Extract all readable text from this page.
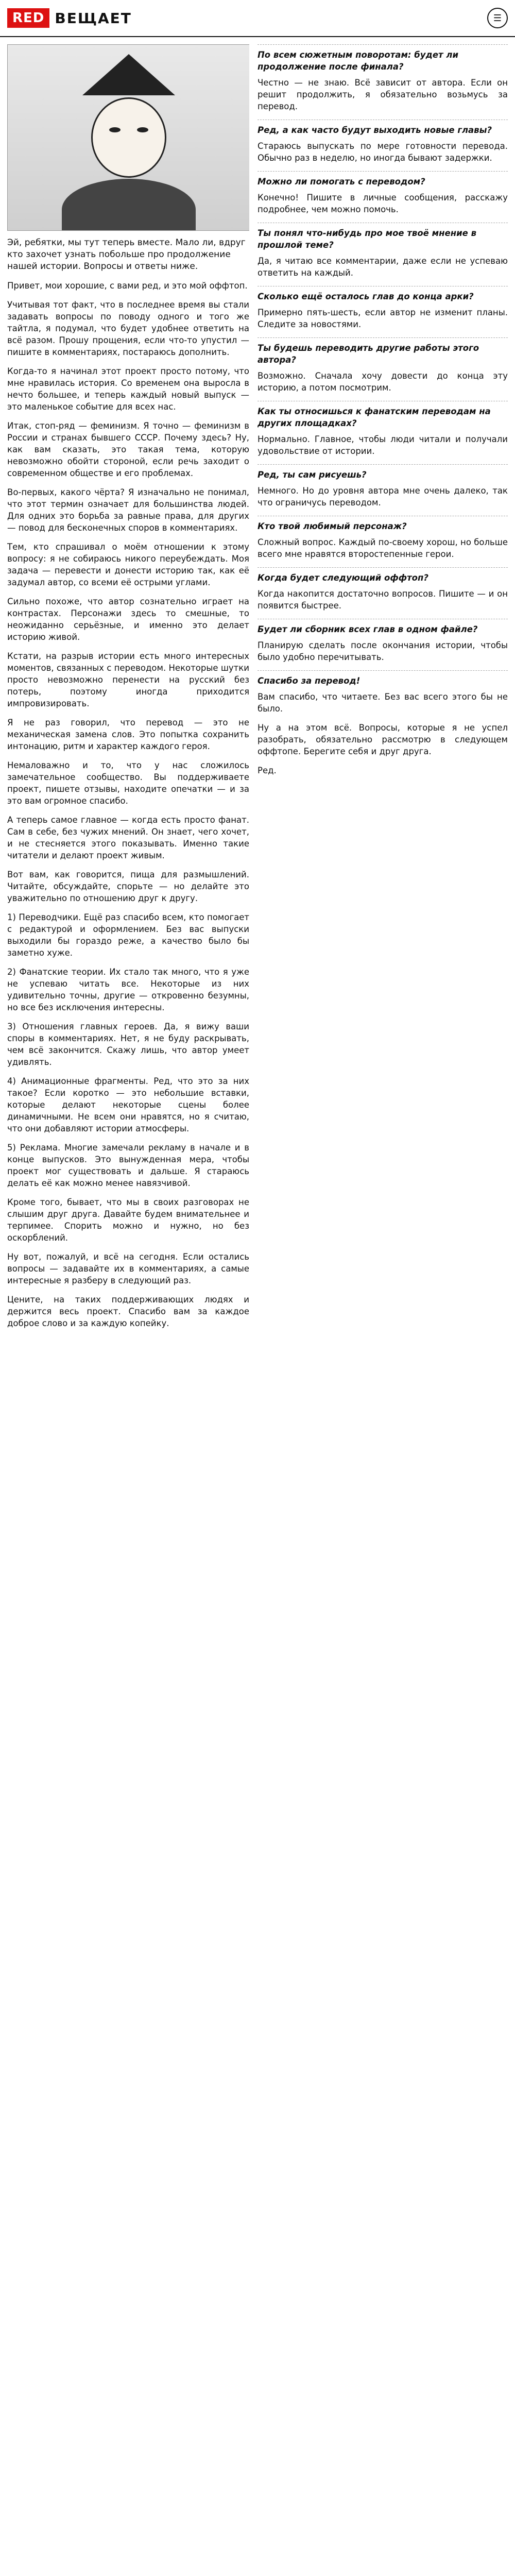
RED ВЕЩАЕТ	☰

Эй, ребятки, мы тут теперь вместе. Мало ли, вдруг кто захочет узнать побольше про продолжение нашей истории. Вопросы и ответы ниже.

Привет, мои хорошие, с вами ред, и это мой оффтоп.

Учитывая тот факт, что в последнее время вы стали задавать вопросы по поводу одного и того же тайтла, я подумал, что будет удобнее ответить на всё разом. Прошу прощения, если что-то упустил — пишите в комментариях, постараюсь дополнить.

Когда-то я начинал этот проект просто потому, что мне нравилась история. Со временем она выросла в нечто большее, и теперь каждый новый выпуск — это маленькое событие для всех нас.

Итак, стоп-ряд — феминизм. Я точно — феминизм в России и странах бывшего СССР. Почему здесь? Ну, как вам сказать, это такая тема, которую невозможно обойти стороной, если речь заходит о современном обществе и его проблемах.

Во-первых, какого чёрта? Я изначально не понимал, что этот термин означает для большинства людей. Для одних это борьба за равные права, для других — повод для бесконечных споров в комментариях.

Тем, кто спрашивал о моём отношении к этому вопросу: я не собираюсь никого переубеждать. Моя задача — перевести и донести историю так, как её задумал автор, со всеми её острыми углами.

Сильно похоже, что автор сознательно играет на контрастах. Персонажи здесь то смешные, то неожиданно серьёзные, и именно это делает историю живой.

Кстати, на разрыв истории есть много интересных моментов, связанных с переводом. Некоторые шутки просто невозможно перенести на русский без потерь, поэтому иногда приходится импровизировать.

Я не раз говорил, что перевод — это не механическая замена слов. Это попытка сохранить интонацию, ритм и характер каждого героя.

Немаловажно и то, что у нас сложилось замечательное сообщество. Вы поддерживаете проект, пишете отзывы, находите опечатки — и за это вам огромное спасибо.

А теперь самое главное — когда есть просто фанат. Сам в себе, без чужих мнений. Он знает, чего хочет, и не стесняется этого показывать. Именно такие читатели и делают проект живым.

Вот вам, как говорится, пища для размышлений. Читайте, обсуждайте, спорьте — но делайте это уважительно по отношению друг к другу.

1) Переводчики. Ещё раз спасибо всем, кто помогает с редактурой и оформлением. Без вас выпуски выходили бы гораздо реже, а качество было бы заметно хуже.

2) Фанатские теории. Их стало так много, что я уже не успеваю читать все. Некоторые из них удивительно точны, другие — откровенно безумны, но все без исключения интересны.

3) Отношения главных героев. Да, я вижу ваши споры в комментариях. Нет, я не буду раскрывать, чем всё закончится. Скажу лишь, что автор умеет удивлять.

4) Анимационные фрагменты. Ред, что это за них такое? Если коротко — это небольшие вставки, которые делают некоторые сцены более динамичными. Не всем они нравятся, но я считаю, что они добавляют истории атмосферы.

5) Реклама. Многие замечали рекламу в начале и в конце выпусков. Это вынужденная мера, чтобы проект мог существовать и дальше. Я стараюсь делать её как можно менее навязчивой.

Кроме того, бывает, что мы в своих разговорах не слышим друг друга. Давайте будем внимательнее и терпимее. Спорить можно и нужно, но без оскорблений.

Ну вот, пожалуй, и всё на сегодня. Если остались вопросы — задавайте их в комментариях, а самые интересные я разберу в следующий раз.

Цените, на таких поддерживающих людях и держится весь проект. Спасибо вам за каждое доброе слово и за каждую копейку.

По всем сюжетным поворотам: будет ли продолжение после финала?

Честно — не знаю. Всё зависит от автора. Если он решит продолжить, я обязательно возьмусь за перевод.

Ред, а как часто будут выходить новые главы?

Стараюсь выпускать по мере готовности перевода. Обычно раз в неделю, но иногда бывают задержки.

Можно ли помогать с переводом?

Конечно! Пишите в личные сообщения, расскажу подробнее, чем можно помочь.

Ты понял что-нибудь про мое твоё мнение в прошлой теме?

Да, я читаю все комментарии, даже если не успеваю ответить на каждый.

Сколько ещё осталось глав до конца арки?

Примерно пять-шесть, если автор не изменит планы. Следите за новостями.

Ты будешь переводить другие работы этого автора?

Возможно. Сначала хочу довести до конца эту историю, а потом посмотрим.

Как ты относишься к фанатским переводам на других площадках?

Нормально. Главное, чтобы люди читали и получали удовольствие от истории.

Ред, ты сам рисуешь?

Немного. Но до уровня автора мне очень далеко, так что ограничусь переводом.

Кто твой любимый персонаж?

Сложный вопрос. Каждый по-своему хорош, но больше всего мне нравятся второстепенные герои.

Когда будет следующий оффтоп?

Когда накопится достаточно вопросов. Пишите — и он появится быстрее.

Будет ли сборник всех глав в одном файле?

Планирую сделать после окончания истории, чтобы было удобно перечитывать.

Спасибо за перевод!

Вам спасибо, что читаете. Без вас всего этого бы не было.

Ну а на этом всё. Вопросы, которые я не успел разобрать, обязательно рассмотрю в следующем оффтопе. Берегите себя и друг друга.

Ред.
